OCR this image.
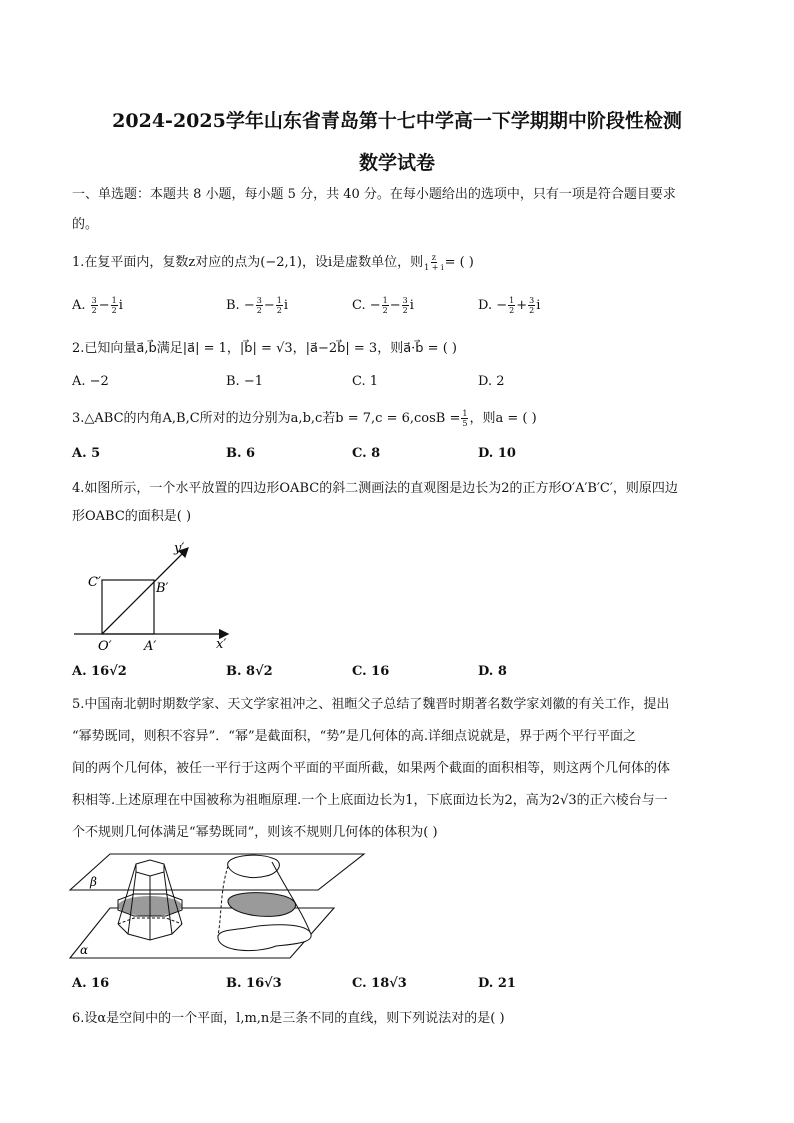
2024-2025学年山东省青岛第十七中学高一下学期期中阶段性检测
数学试卷
一、单选题：本题共 8 小题，每小题 5 分，共 40 分。在每小题给出的选项中，只有一项是符合题目要求
的。
1.在复平面内，复数z对应的点为(−2,1)，设i是虚数单位，则 $\frac{z}{1 + i}$ = ( )
A. $\frac{3}{2} - \frac{1}{2}$ i	B. − $\frac{3}{2} - \frac{1}{2}$ i	C. − $\frac{1}{2} - \frac{3}{2}$ i	D. − $\frac{1}{2} + \frac{3}{2}$ i
2.已知向量a⃗,b⃗满足|a⃗| = 1，|b⃗| = √3，|a⃗−2b⃗| = 3，则a⃗·b⃗ = ( )
A. −2	B. −1	C. 1	D. 2
3.△ABC的内角A,B,C所对的边分别为a,b,c若$b = 7,c = 6,\cos B = \frac{1}{5}$ ，则a = ( )
A. 5	B. 6	C. 8	D. 10
4.如图所示，一个水平放置的四边形OABC的斜二测画法的直观图是边长为2的正方形O′A′B′C′，则原四边
形OABC的面积是( )
y′
x′
O′ A′
B′
C′
A. 16√2	B. 8√2	C. 16	D. 8
5.中国南北朝时期数学家、天文学家祖冲之、祖暅父子总结了魏晋时期著名数学家刘徽的有关工作，提出
“幂势既同，则积不容异”．“幂”是截面积，“势”是几何体的高.详细点说就是，界于两个平行平面之
间的两个几何体，被任一平行于这两个平面的平面所截，如果两个截面的面积相等，则这两个几何体的体
积相等.上述原理在中国被称为祖暅原理.一个上底面边长为1，下底面边长为2，高为2√3的正六棱台与一
个不规则几何体满足“幂势既同”，则该不规则几何体的体积为( )
β
α
A. 16	B. 16√3	C. 18√3	D. 21
6.设α是空间中的一个平面，l,m,n是三条不同的直线，则下列说法对的是( )
